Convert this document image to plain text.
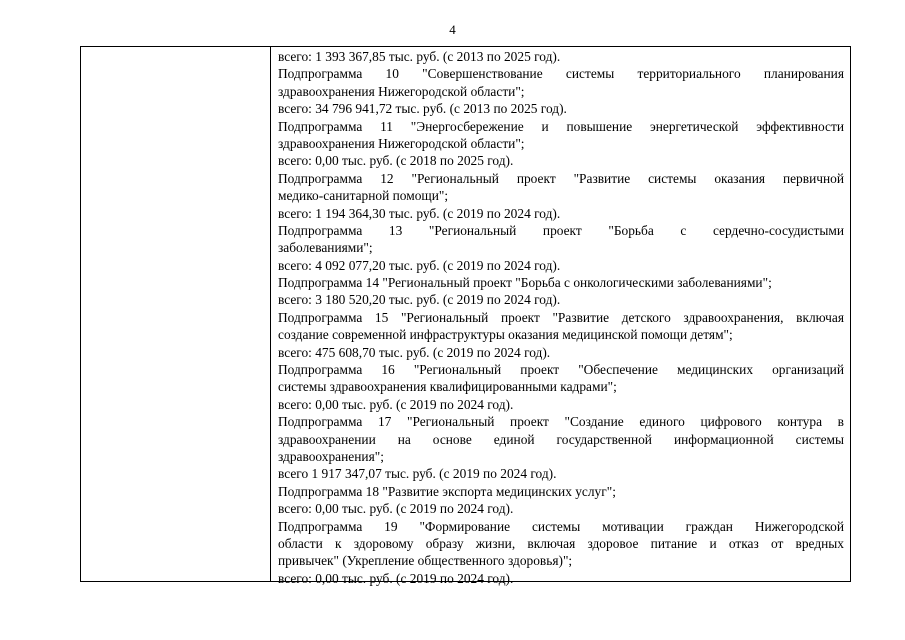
4
всего: 1 393 367,85 тыс. руб. (с 2013 по 2025 год).
Подпрограмма 10 "Совершенствование системы территориального планирования
здравоохранения Нижегородской области";
всего: 34 796 941,72 тыс. руб. (с 2013 по 2025 год).
Подпрограмма 11 "Энергосбережение и повышение энергетической эффективности
здравоохранения Нижегородской области";
всего: 0,00 тыс. руб. (с 2018 по 2025 год).
Подпрограмма 12 "Региональный проект "Развитие системы оказания первичной
медико-санитарной помощи";
всего: 1 194 364,30 тыс. руб. (с 2019 по 2024 год).
Подпрограмма 13 "Региональный проект "Борьба с сердечно-сосудистыми
заболеваниями";
всего: 4 092 077,20 тыс. руб. (с 2019 по 2024 год).
Подпрограмма 14 "Региональный проект "Борьба с онкологическими заболеваниями";
всего: 3 180 520,20 тыс. руб. (с 2019 по 2024 год).
Подпрограмма 15 "Региональный проект "Развитие детского здравоохранения, включая
создание современной инфраструктуры оказания медицинской помощи детям";
всего: 475 608,70 тыс. руб. (с 2019 по 2024 год).
Подпрограмма 16 "Региональный проект "Обеспечение медицинских организаций
системы здравоохранения квалифицированными кадрами";
всего: 0,00 тыс. руб. (с 2019 по 2024 год).
Подпрограмма 17 "Региональный проект "Создание единого цифрового контура в
здравоохранении на основе единой государственной информационной системы
здравоохранения";
всего 1 917 347,07 тыс. руб. (с 2019 по 2024 год).
Подпрограмма 18 "Развитие экспорта медицинских услуг";
всего: 0,00 тыс. руб. (с 2019 по 2024 год).
Подпрограмма 19 "Формирование системы мотивации граждан Нижегородской
области к здоровому образу жизни, включая здоровое питание и отказ от вредных
привычек" (Укрепление общественного здоровья)";
всего: 0,00 тыс. руб. (с 2019 по 2024 год).
